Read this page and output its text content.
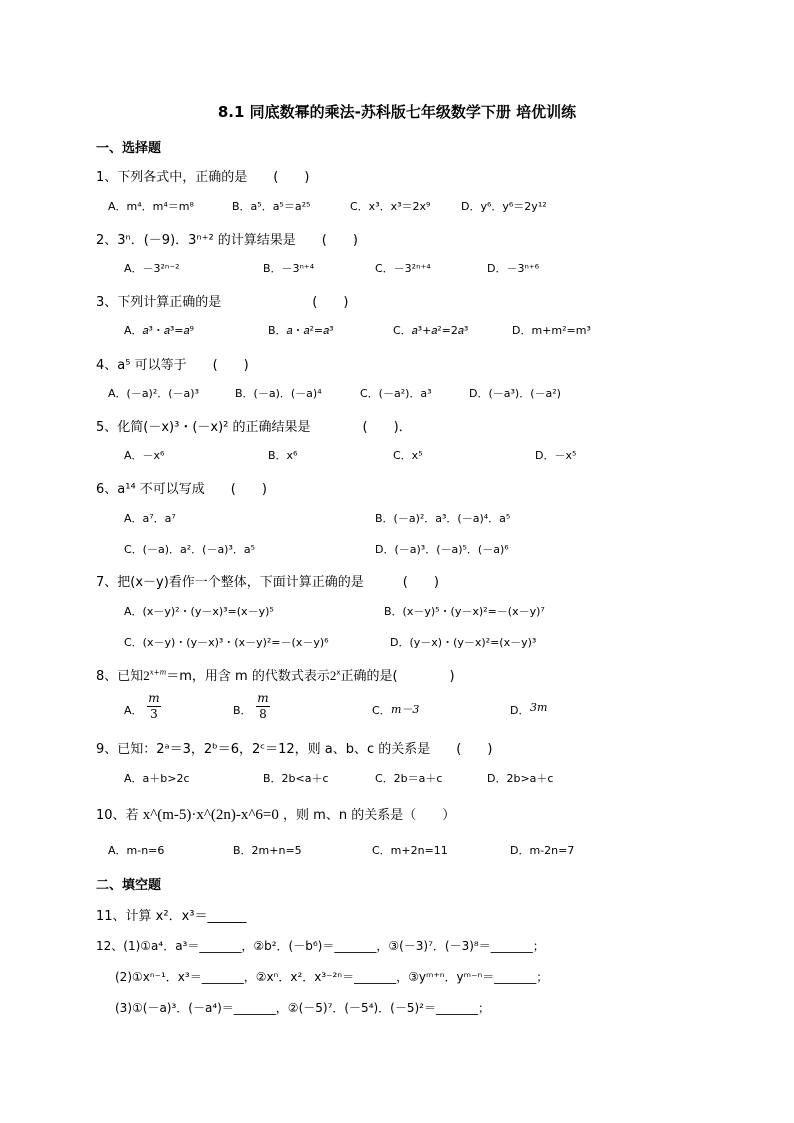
8.1 同底数幂的乘法-苏科版七年级数学下册 培优训练
一、选择题
1、下列各式中，正确的是　　(　　)
A．m⁴．m⁴＝m⁸	B．a⁵．a⁵＝a²⁵	C．x³．x³＝2x⁹	D．y⁶．y⁶＝2y¹²
2、3ⁿ．(－9)．3ⁿ⁺² 的计算结果是　　(　　)
A．－3²ⁿ⁻²	B．－3ⁿ⁺⁴	C．－3²ⁿ⁺⁴	D．－3ⁿ⁺⁶
3、下列计算正确的是　　　　　　　(　　)
A．𝑎³・𝑎³=𝑎⁹	B．𝑎・𝑎²=𝑎³	C．𝑎³+𝑎²=2𝑎³	D．m+m²=m³
4、a⁵ 可以等于　　(　　)
A．(－a)²．(－a)³	B．(－a)．(－a)⁴	C．(－a²)．a³	D．(－a³)．(－a²)
5、化简(－x)³・(－x)² 的正确结果是　　　　(　　)．
A．－x⁶	B．x⁶	C．x⁵	D．－x⁵
6、a¹⁴ 不可以写成　　(　　)
A．a⁷．a⁷	B．(－a)²．a³．(－a)⁴．a⁵
C．(－a)．a²．(－a)³．a⁵	D．(－a)³．(－a)⁵．(－a)⁶
7、把(x－y)看作一个整体，下面计算正确的是　　　(　　)
A．(x－y)²・(y－x)³=(x－y)⁵	B．(x－y)⁵・(y－x)²=－(x－y)⁷
C．(x－y)・(y－x)³・(x－y)²=－(x－y)⁶	D．(y－x)・(y－x)²=(x－y)³
8、已知$2^{x+m}=m$，用含 m 的代数式表示2$^x$正确的是(　　　　)
A．
m
3	B．
m
8	C． m－3	D． 3m
9、已知：2ᵃ＝3，2ᵇ＝6，2ᶜ＝12，则 a、b、c 的关系是　　(　　)
A．a＋b>2c	B．2b<a＋c	C．2b＝a＋c	D．2b>a＋c
10、若 x^(m-5)·x^(2n)-x^6=0 ，则 m、n 的关系是（　　）
A．m-n=6	B．2m+n=5	C．m+2n=11	D．m-2n=7
二、填空题
11、计算 x²．x³＝______
12、(1)①a⁴．a³＝_______，②b²．(－b⁶)＝_______，③(－3)⁷．(－3)⁸＝_______；
(2)①xⁿ⁻¹．x³＝_______，②xⁿ．x²．x³⁻²ⁿ＝_______，③yᵐ⁺ⁿ．yᵐ⁻ⁿ＝_______；
(3)①(－a)³．(－a⁴)＝_______，②(－5)⁷．(－5⁴)．(－5)²＝_______；
